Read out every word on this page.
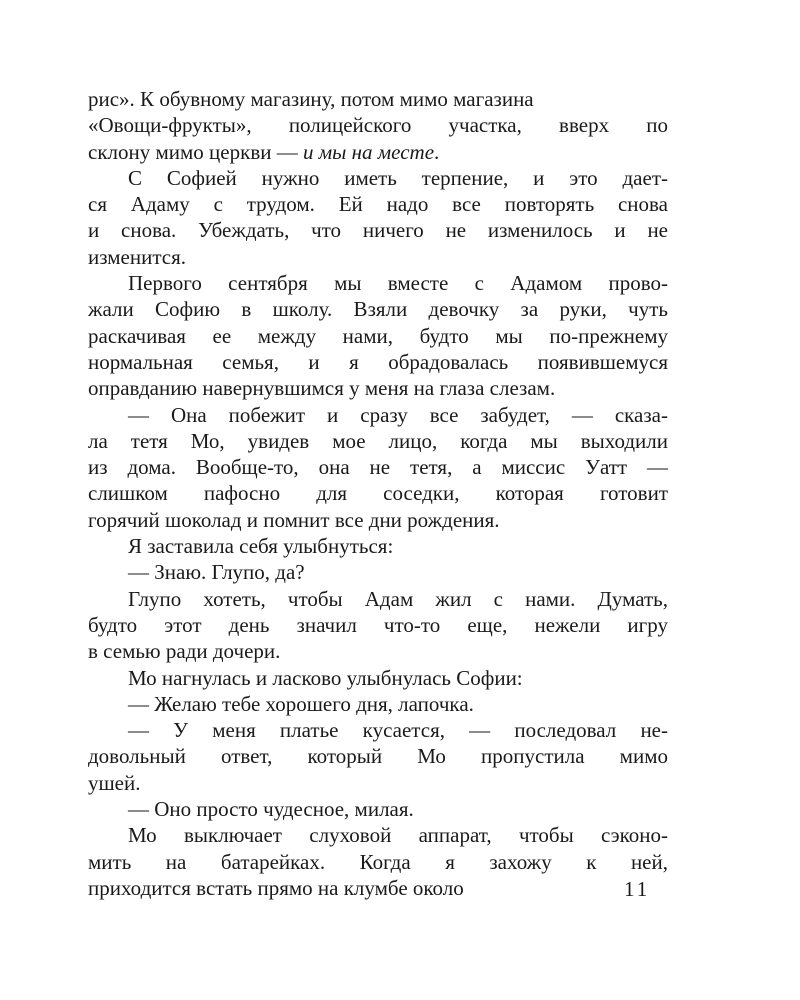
рис». К обувному магазину, потом мимо магазина
«Овощи-фрукты», полицейского участка, вверх по
склону мимо церкви — и мы на месте.
С Софией нужно иметь терпение, и это дает-
ся Адаму с трудом. Ей надо все повторять снова
и снова. Убеждать, что ничего не изменилось и не
изменится.
Первого сентября мы вместе с Адамом прово-
жали Софию в школу. Взяли девочку за руки, чуть
раскачивая ее между нами, будто мы по-прежнему
нормальная семья, и я обрадовалась появившемуся
оправданию навернувшимся у меня на глаза слезам.
— Она побежит и сразу все забудет, — сказа-
ла тетя Мо, увидев мое лицо, когда мы выходили
из дома. Вообще-то, она не тетя, а миссис Уатт —
слишком пафосно для соседки, которая готовит
горячий шоколад и помнит все дни рождения.
Я заставила себя улыбнуться:
— Знаю. Глупо, да?
Глупо хотеть, чтобы Адам жил с нами. Думать,
будто этот день значил что-то еще, нежели игру
в семью ради дочери.
Мо нагнулась и ласково улыбнулась Софии:
— Желаю тебе хорошего дня, лапочка.
— У меня платье кусается, — последовал не-
довольный ответ, который Мо пропустила мимо
ушей.
— Оно просто чудесное, милая.
Мо выключает слуховой аппарат, чтобы сэконо-
мить на батарейках. Когда я захожу к ней,
приходится встать прямо на клумбе около	11
